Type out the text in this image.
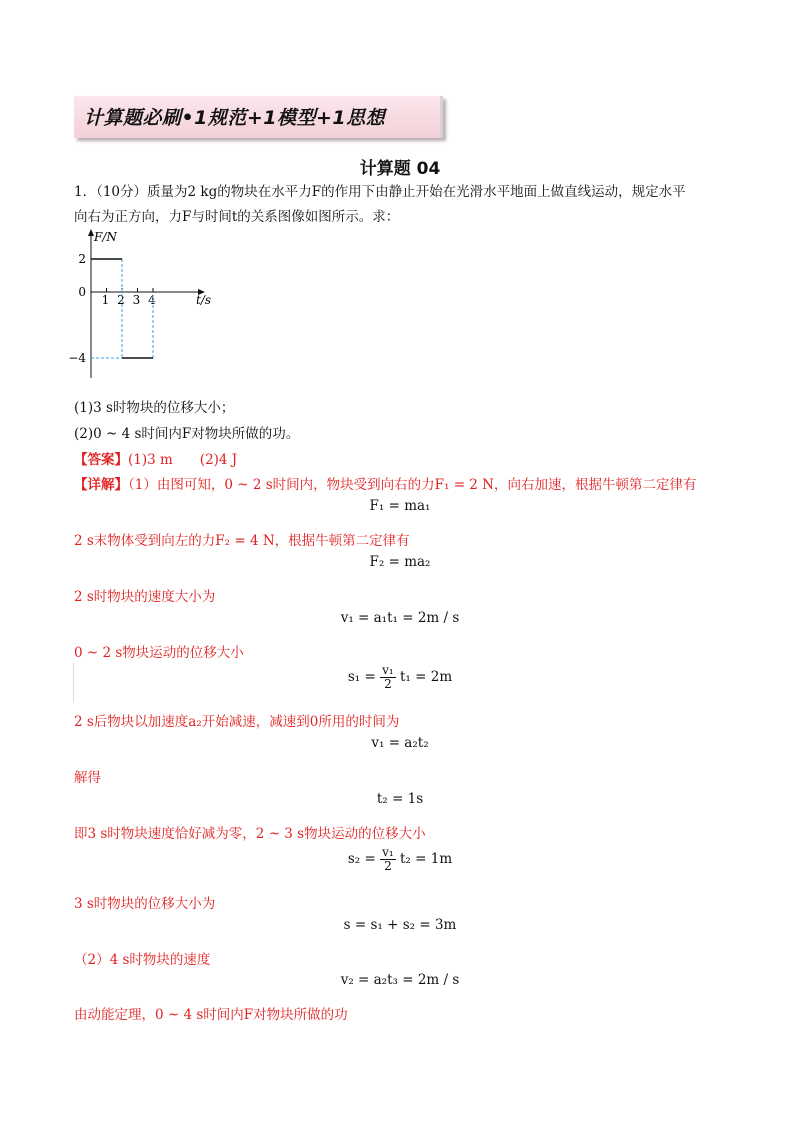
计算题必刷•1规范+1模型+1思想
计算题 04
1．（10分）质量为2 kg的物块在水平力F的作用下由静止开始在光滑水平地面上做直线运动，规定水平
向右为正方向，力F与时间t的关系图像如图所示。求：
F/N
t/s
2
0
−4
1 2 3 4
(1)3 s时物块的位移大小；
(2)0 ~ 4 s时间内F对物块所做的功。
【答案】(1)3 m　　(2)4 J
【详解】（1）由图可知，0 ~ 2 s时间内，物块受到向右的力F₁ = 2 N，向右加速，根据牛顿第二定律有
F₁ = ma₁
2 s末物体受到向左的力F₂ = 4 N，根据牛顿第二定律有
F₂ = ma₂
2 s时物块的速度大小为
v₁ = a₁t₁ = 2m / s
0 ~ 2 s物块运动的位移大小
$s_1 = \frac{\text{v₁}}{2} t_1 = 2m$
2 s后物块以加速度a₂开始减速，减速到0所用的时间为
v₁ = a₂t₂
解得
t₂ = 1s
即3 s时物块速度恰好减为零，2 ~ 3 s物块运动的位移大小
$s_2 = \frac{\text{v₁}}{2} t_2 = 1m$
3 s时物块的位移大小为
s = s₁ + s₂ = 3m
（2）4 s时物块的速度
v₂ = a₂t₃ = 2m / s
由动能定理，0 ~ 4 s时间内F对物块所做的功
